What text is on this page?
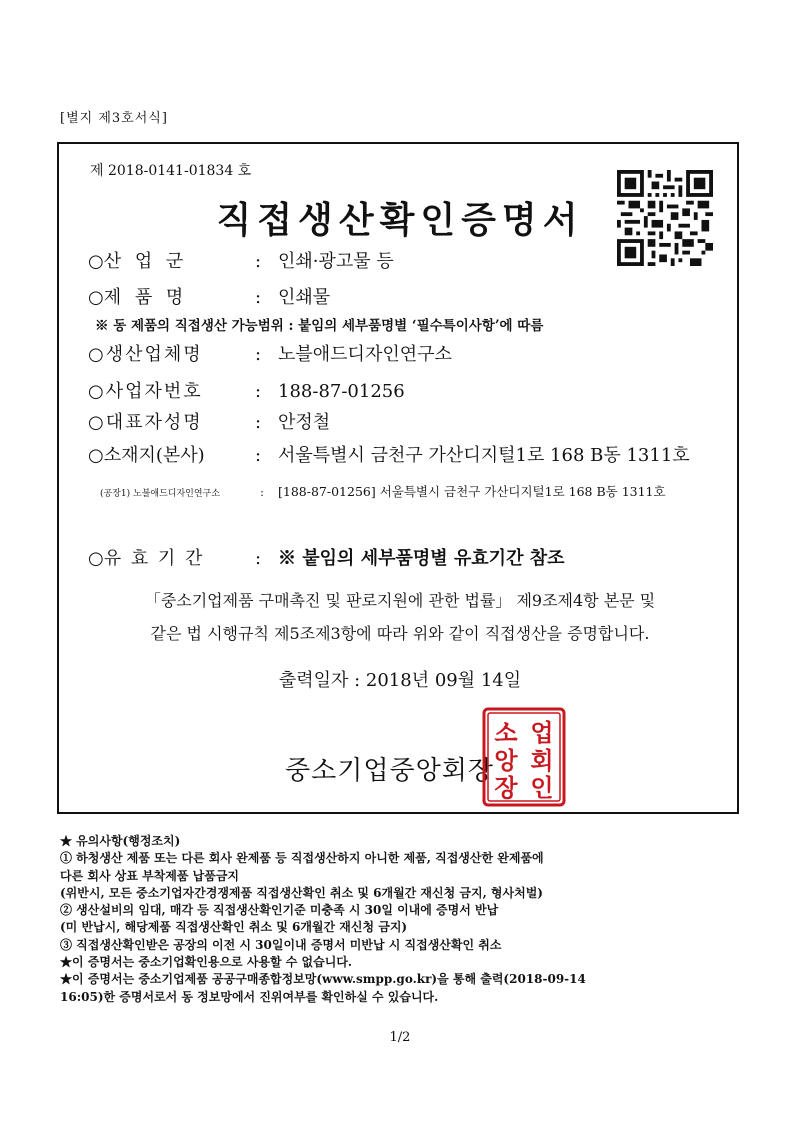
[별지 제3호서식]
제 2018-0141-01834 호
직접생산확인증명서
○산 업 군	: 인쇄·광고물 등
○제 품 명	: 인쇄물
※ 동 제품의 직접생산 가능범위 : 붙임의 세부품명별 ‘필수특이사항’에 따름
○생산업체명	: 노블애드디자인연구소
○사업자번호	: 188-87-01256
○대표자성명	: 안정철
○소재지(본사)	: 서울특별시 금천구 가산디지털1로 168 B동 1311호
(공장1) 노블애드디자인연구소	: [188-87-01256] 서울특별시 금천구 가산디지털1로 168 B동 1311호
○유 효 기 간	: ※ 붙임의 세부품명별 유효기간 참조
「중소기업제품 구매촉진 및 판로지원에 관한 법률」 제9조제4항 본문 및
같은 법 시행규칙 제5조제3항에 따라 위와 같이 직접생산을 증명합니다.
출력일자 : 2018년 09월 14일
중소기업중앙회장
업
회
인
소
앙
장
★ 유의사항(행정조치)
① 하청생산 제품 또는 다른 회사 완제품 등 직접생산하지 아니한 제품, 직접생산한 완제품에
다른 회사 상표 부착제품 납품금지
(위반시, 모든 중소기업자간경쟁제품 직접생산확인 취소 및 6개월간 재신청 금지, 형사처벌)
② 생산설비의 임대, 매각 등 직접생산확인기준 미충족 시 30일 이내에 증명서 반납
(미 반납시, 해당제품 직접생산확인 취소 및 6개월간 재신청 금지)
③ 직접생산확인받은 공장의 이전 시 30일이내 증명서 미반납 시 직접생산확인 취소
★이 증명서는 중소기업확인용으로 사용할 수 없습니다.
★이 증명서는 중소기업제품 공공구매종합정보망(www.smpp.go.kr)을 통해 출력(2018-09-14
16:05)한 증명서로서 동 정보망에서 진위여부를 확인하실 수 있습니다.
1/2
